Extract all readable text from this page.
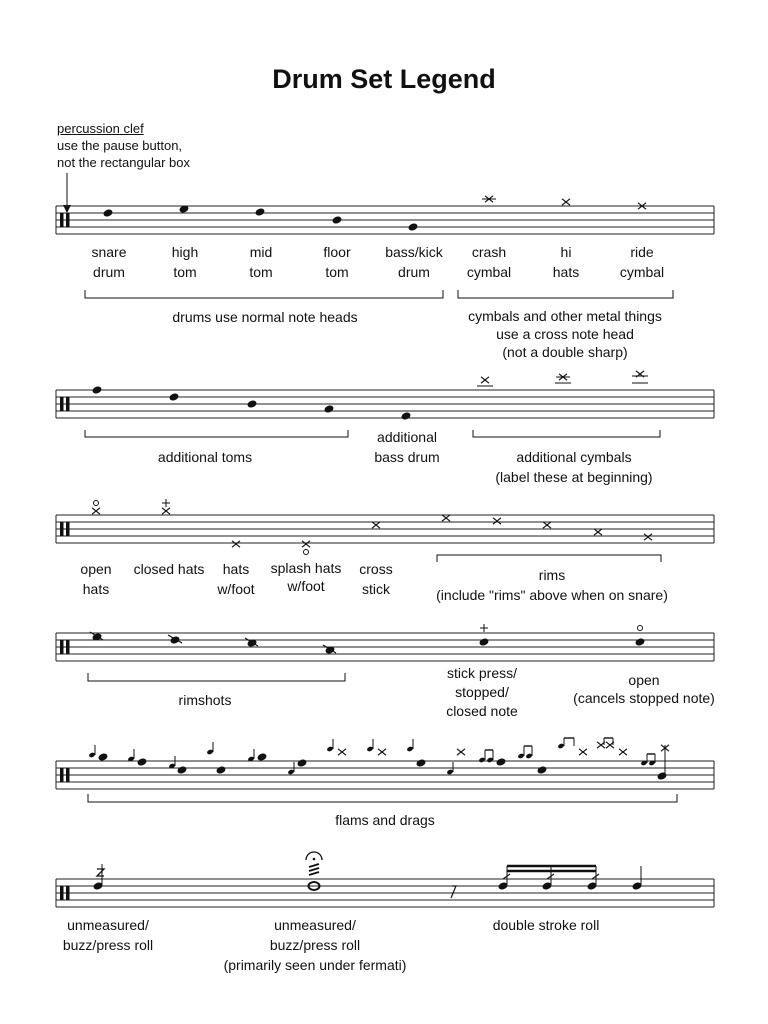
Drum Set Legend
percussion clef
use the pause button,
not the rectangular box
snare
drum
high
tom
mid
tom
floor
tom
bass/kick
drum
crash
cymbal
hi
hats
ride
cymbal
drums use normal note heads	cymbals and other metal things
use a cross note head
(not a double sharp)
additional toms
additional
bass drum	additional cymbals
(label these at beginning)
open
hats
closed hats	hats
w/foot
splash hats
w/foot
cross
stick
rims
(include "rims" above when on snare)
rimshots
stick press/
stopped/
closed note
open
(cancels stopped note)
flams and drags
unmeasured/
buzz/press roll
unmeasured/
buzz/press roll
(primarily seen under fermati)
double stroke roll
